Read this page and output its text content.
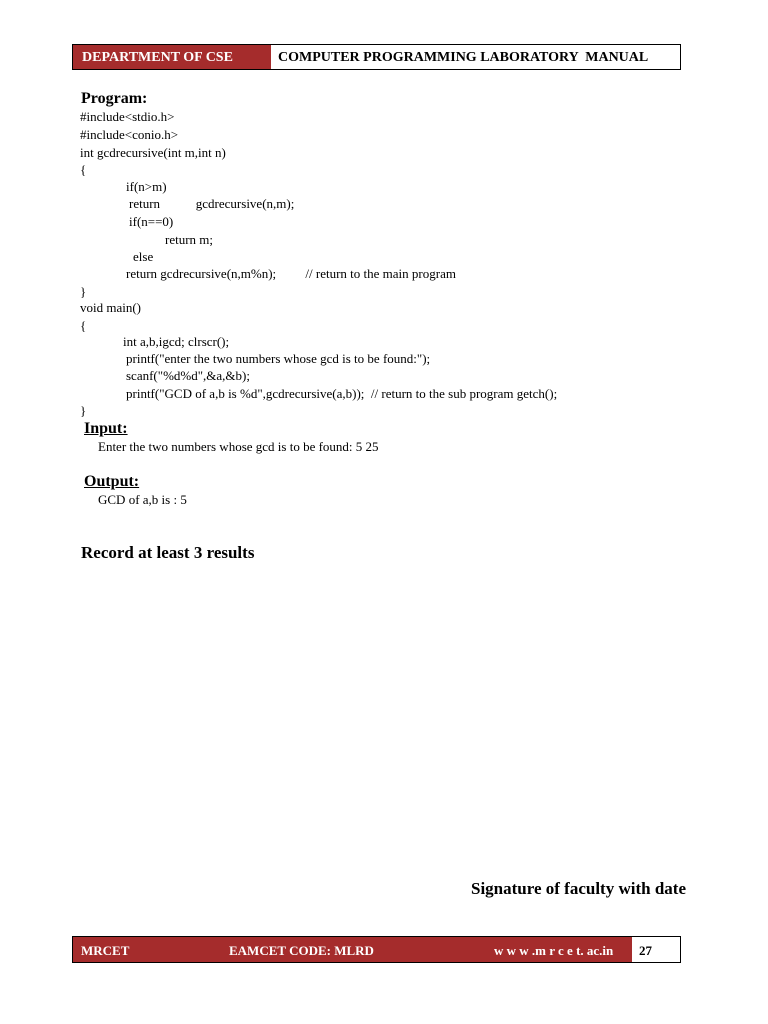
DEPARTMENT OF CSE	COMPUTER PROGRAMMING LABORATORY  MANUAL
Program:
#include<stdio.h>
#include<conio.h>
int gcdrecursive(int m,int n)
{
if(n>m)
return           gcdrecursive(n,m);
if(n==0)
return m;
else
return gcdrecursive(n,m%n);         // return to the main program
}
void main()
{
int a,b,igcd; clrscr();
printf("enter the two numbers whose gcd is to be found:");
scanf("%d%d",&a,&b);
printf("GCD of a,b is %d",gcdrecursive(a,b));  // return to the sub program getch();
}
Input:
Enter the two numbers whose gcd is to be found: 5 25
Output:
GCD of a,b is : 5
Record at least 3 results
Signature of faculty with date
MRCET	EAMCET CODE: MLRD	w w w .m r c e t. ac.in	27
